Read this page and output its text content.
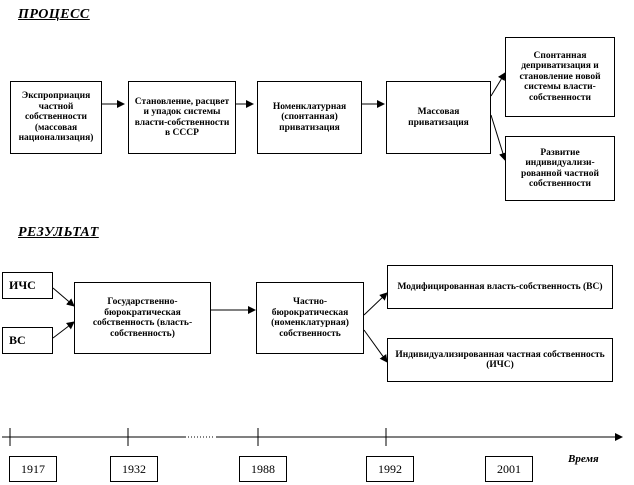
ПРОЦЕСС
Экспроприация частной собственности (массовая национализация)
Становление, расцвет и упадок системы власти-собственности в СССР
Номенклатурная (спонтанная) приватизация
Массовая приватизация
Спонтанная деприватизация и становление новой системы власти-собственности
Развитие индивидуализи-рованной частной собственности
РЕЗУЛЬТАТ
ИЧС
ВС
Государственно-бюрократическая собственность (власть-собственность)
Частно-бюрократическая (номенклатурная) собственность
Модифицированная власть-собственность (ВС)
Индивидуализированная частная собственность (ИЧС)
1917	1932	1988	1992	2001
Время
